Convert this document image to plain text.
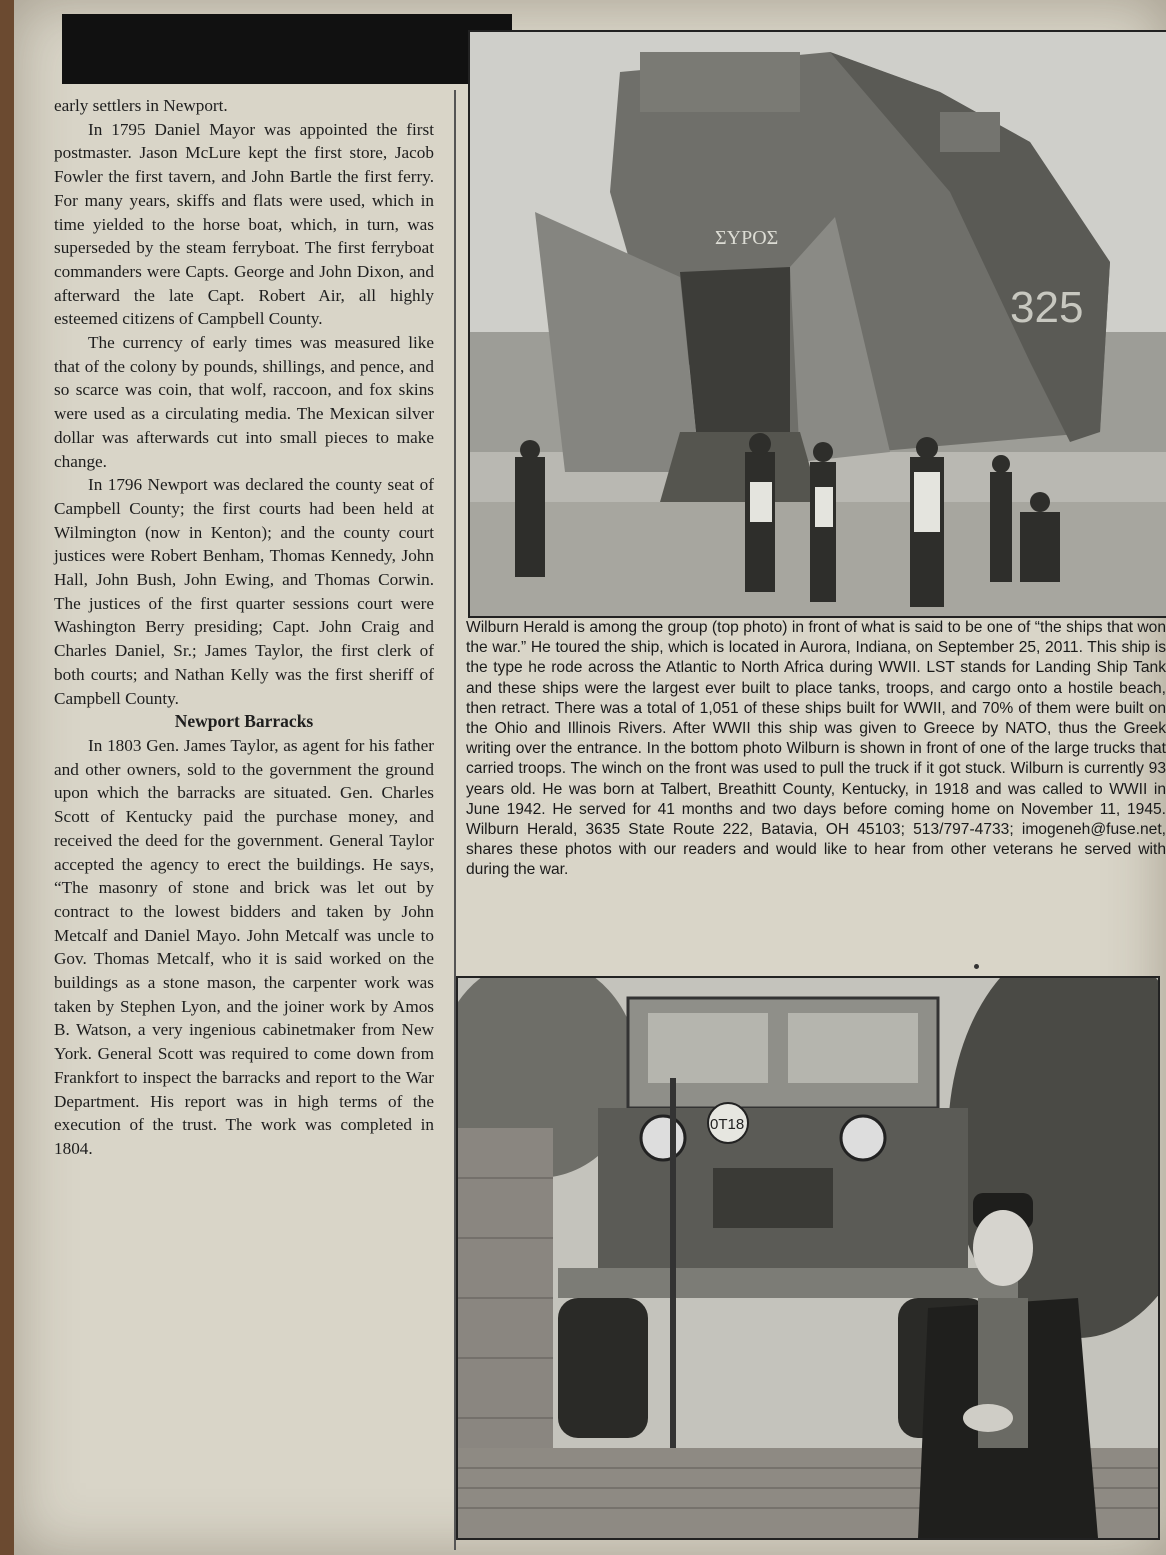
early settlers in Newport.

In 1795 Daniel Mayor was appointed the first postmaster. Jason McLure kept the first store, Jacob Fowler the first tavern, and John Bartle the first ferry. For many years, skiffs and flats were used, which in time yielded to the horse boat, which, in turn, was superseded by the steam ferryboat. The first ferryboat commanders were Capts. George and John Dixon, and afterward the late Capt. Robert Air, all highly esteemed citizens of Campbell County.

The currency of early times was measured like that of the colony by pounds, shillings, and pence, and so scarce was coin, that wolf, raccoon, and fox skins were used as a circulating media. The Mexican silver dollar was afterwards cut into small pieces to make change.

In 1796 Newport was declared the county seat of Campbell County; the first courts had been held at Wilmington (now in Kenton); and the county court justices were Robert Benham, Thomas Kennedy, John Hall, John Bush, John Ewing, and Thomas Corwin. The justices of the first quarter sessions court were Washington Berry presiding; Capt. John Craig and Charles Daniel, Sr.; James Taylor, the first clerk of both courts; and Nathan Kelly was the first sheriff of Campbell County.

Newport Barracks

In 1803 Gen. James Taylor, as agent for his father and other owners, sold to the government the ground upon which the barracks are situated. Gen. Charles Scott of Kentucky paid the purchase money, and received the deed for the government. General Taylor accepted the agency to erect the buildings. He says, “The masonry of stone and brick was let out by contract to the lowest bidders and taken by John Metcalf and Daniel Mayo. John Metcalf was uncle to Gov. Thomas Metcalf, who it is said worked on the buildings as a stone mason, the carpenter work was taken by Stephen Lyon, and the joiner work by Amos B. Watson, a very ingenious cabinetmaker from New York. General Scott was required to come down from Frankfort to inspect the barracks and report to the War Department. His report was in high terms of the execution of the trust. The work was completed in 1804.

ΣΥΡΟΣ
325
Wilburn Herald is among the group (top photo) in front of what is said to be one of “the ships that won the war.” He toured the ship, which is located in Aurora, Indiana, on September 25, 2011. This ship is the type he rode across the Atlantic to North Africa during WWII. LST stands for Landing Ship Tank and these ships were the largest ever built to place tanks, troops, and cargo onto a hostile beach, then retract. There was a total of 1,051 of these ships built for WWII, and 70% of them were built on the Ohio and Illinois Rivers. After WWII this ship was given to Greece by NATO, thus the Greek writing over the entrance. In the bottom photo Wilburn is shown in front of one of the large trucks that carried troops. The winch on the front was used to pull the truck if it got stuck. Wilburn is currently 93 years old. He was born at Talbert, Breathitt County, Kentucky, in 1918 and was called to WWII in June 1942. He served for 41 months and two days before coming home on November 11, 1945. Wilburn Herald, 3635 State Route 222, Batavia, OH 45103; 513/797-4733; imogeneh@fuse.net, shares these photos with our readers and would like to hear from other veterans he served with during the war.
0T18
